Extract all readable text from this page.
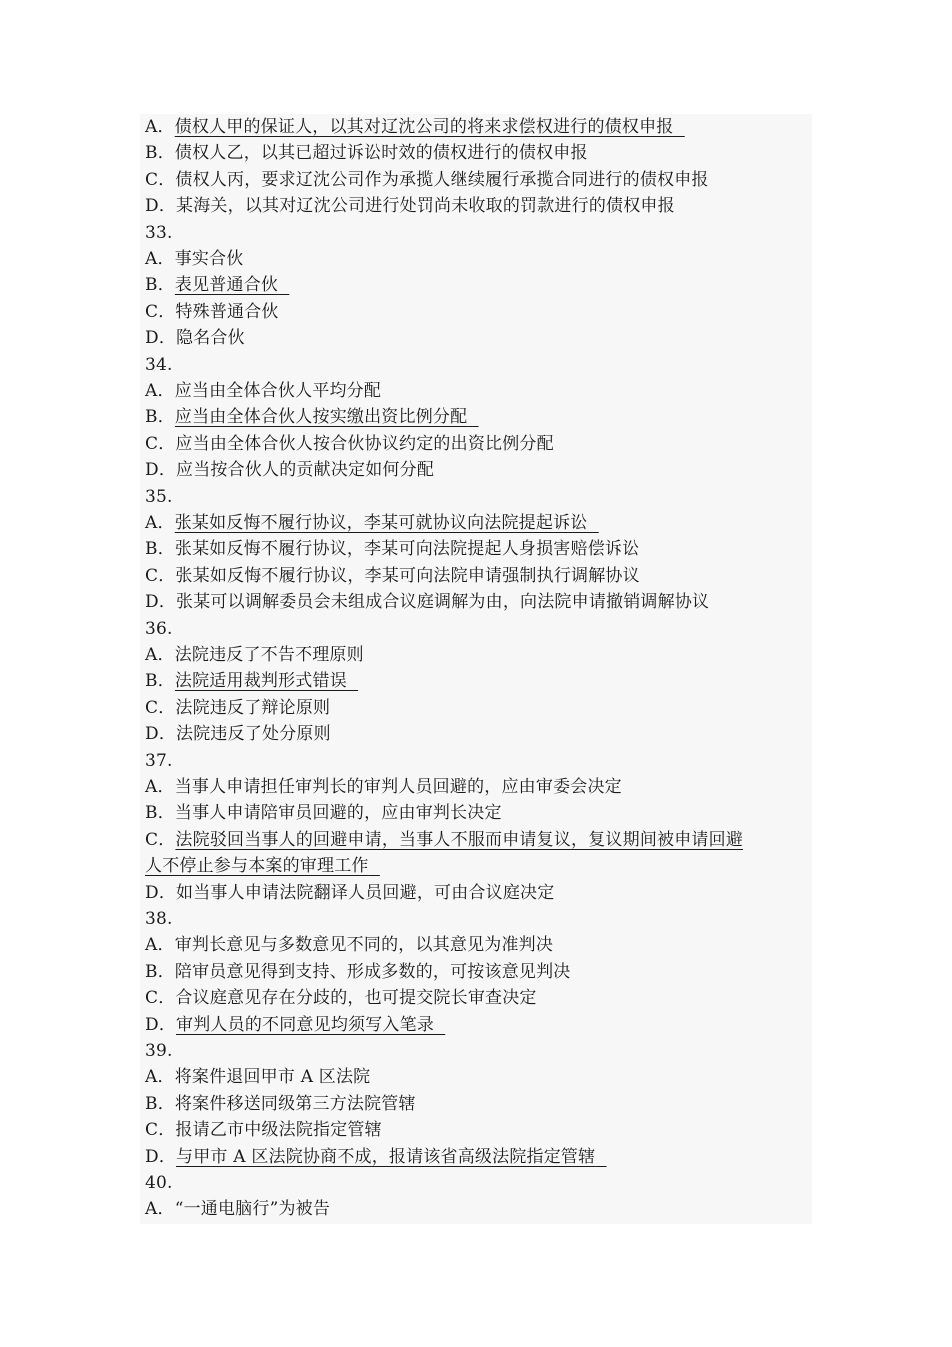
A．债权人甲的保证人，以其对辽沈公司的将来求偿权进行的债权申报
B．债权人乙，以其已超过诉讼时效的债权进行的债权申报
C．债权人丙，要求辽沈公司作为承揽人继续履行承揽合同进行的债权申报
D．某海关，以其对辽沈公司进行处罚尚未收取的罚款进行的债权申报
33.
A．事实合伙
B．表见普通合伙
C．特殊普通合伙
D．隐名合伙
34.
A．应当由全体合伙人平均分配
B．应当由全体合伙人按实缴出资比例分配
C．应当由全体合伙人按合伙协议约定的出资比例分配
D．应当按合伙人的贡献决定如何分配
35.
A．张某如反悔不履行协议，李某可就协议向法院提起诉讼
B．张某如反悔不履行协议，李某可向法院提起人身损害赔偿诉讼
C．张某如反悔不履行协议，李某可向法院申请强制执行调解协议
D．张某可以调解委员会未组成合议庭调解为由，向法院申请撤销调解协议
36.
A．法院违反了不告不理原则
B．法院适用裁判形式错误
C．法院违反了辩论原则
D．法院违反了处分原则
37.
A．当事人申请担任审判长的审判人员回避的，应由审委会决定
B．当事人申请陪审员回避的，应由审判长决定
C．法院驳回当事人的回避申请，当事人不服而申请复议，复议期间被申请回避
人不停止参与本案的审理工作
D．如当事人申请法院翻译人员回避，可由合议庭决定
38.
A．审判长意见与多数意见不同的，以其意见为准判决
B．陪审员意见得到支持、形成多数的，可按该意见判决
C．合议庭意见存在分歧的，也可提交院长审查决定
D．审判人员的不同意见均须写入笔录
39.
A．将案件退回甲市 A 区法院
B．将案件移送同级第三方法院管辖
C．报请乙市中级法院指定管辖
D．与甲市 A 区法院协商不成，报请该省高级法院指定管辖
40.
A．“一通电脑行”为被告
